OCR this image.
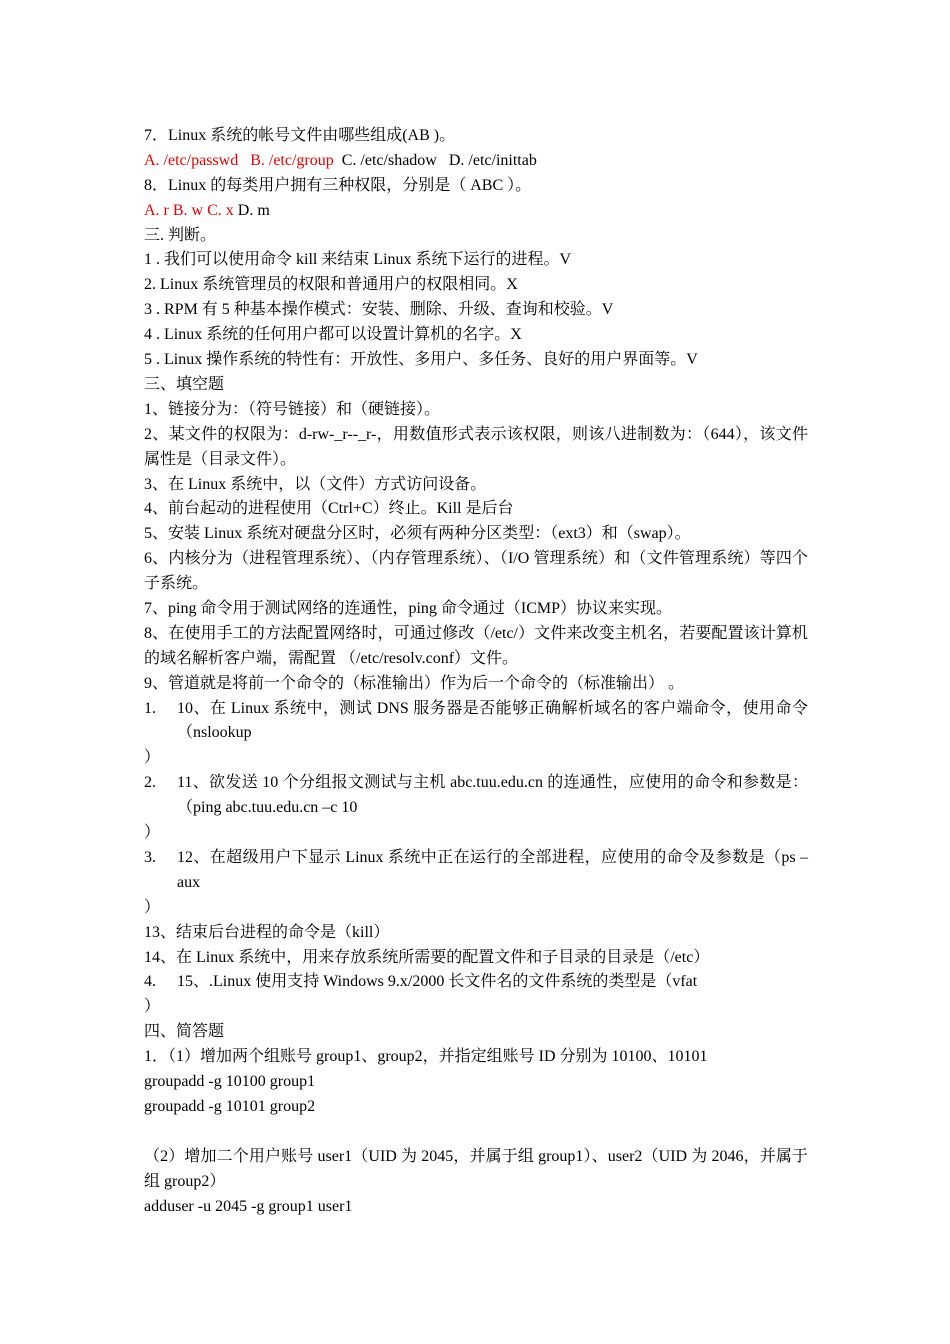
7．Linux 系统的帐号文件由哪些组成(AB )。
A. /etc/passwd B. /etc/group C. /etc/shadow D. /etc/inittab
8．Linux 的每类用户拥有三种权限，分别是（ ABC ）。
A. r B. w C. x D. m
三. 判断。
1 . 我们可以使用命令 kill 来结束 Linux 系统下运行的进程。V
2. Linux 系统管理员的权限和普通用户的权限相同。X
3 . RPM 有 5 种基本操作模式：安装、删除、升级、查询和校验。V
4 . Linux 系统的任何用户都可以设置计算机的名字。X
5 . Linux 操作系统的特性有：开放性、多用户、多任务、良好的用户界面等。V
三、填空题
1、链接分为：（符号链接）和（硬链接）。
2、某文件的权限为：d-rw-_r--_r-，用数值形式表示该权限，则该八进制数为：（644），该文件属性是（目录文件）。
3、在 Linux 系统中，以（文件）方式访问设备。
4、前台起动的进程使用（Ctrl+C）终止。Kill 是后台
5、安装 Linux 系统对硬盘分区时，必须有两种分区类型：（ext3）和（swap）。
6、内核分为（进程管理系统）、（内存管理系统）、（I/O 管理系统）和（文件管理系统）等四个子系统。
7、ping 命令用于测试网络的连通性，ping 命令通过（ICMP）协议来实现。
8、在使用手工的方法配置网络时，可通过修改（/etc/）文件来改变主机名，若要配置该计算机的域名解析客户端，需配置 （/etc/resolv.conf）文件。
9、管道就是将前一个命令的（标准输出）作为后一个命令的（标准输出） 。
1. 10、在 Linux 系统中，测试 DNS 服务器是否能够正确解析域名的客户端命令，使用命令（nslookup
）
2. 11、欲发送 10 个分组报文测试与主机 abc.tuu.edu.cn 的连通性，应使用的命令和参数是：（ping abc.tuu.edu.cn –c 10
）
3. 12、在超级用户下显示 Linux 系统中正在运行的全部进程，应使用的命令及参数是（ps –aux
）
13、结束后台进程的命令是（kill）
14、在 Linux 系统中，用来存放系统所需要的配置文件和子目录的目录是（/etc）
4. 15、.Linux 使用支持 Windows 9.x/2000 长文件名的文件系统的类型是（vfat
）
四、简答题
1．（1）增加两个组账号 group1、group2，并指定组账号 ID 分别为 10100、10101
groupadd -g 10100 group1
groupadd -g 10101 group2
（2）增加二个用户账号 user1（UID 为 2045，并属于组 group1）、user2（UID 为 2046，并属于组 group2）
adduser -u 2045 -g group1 user1
